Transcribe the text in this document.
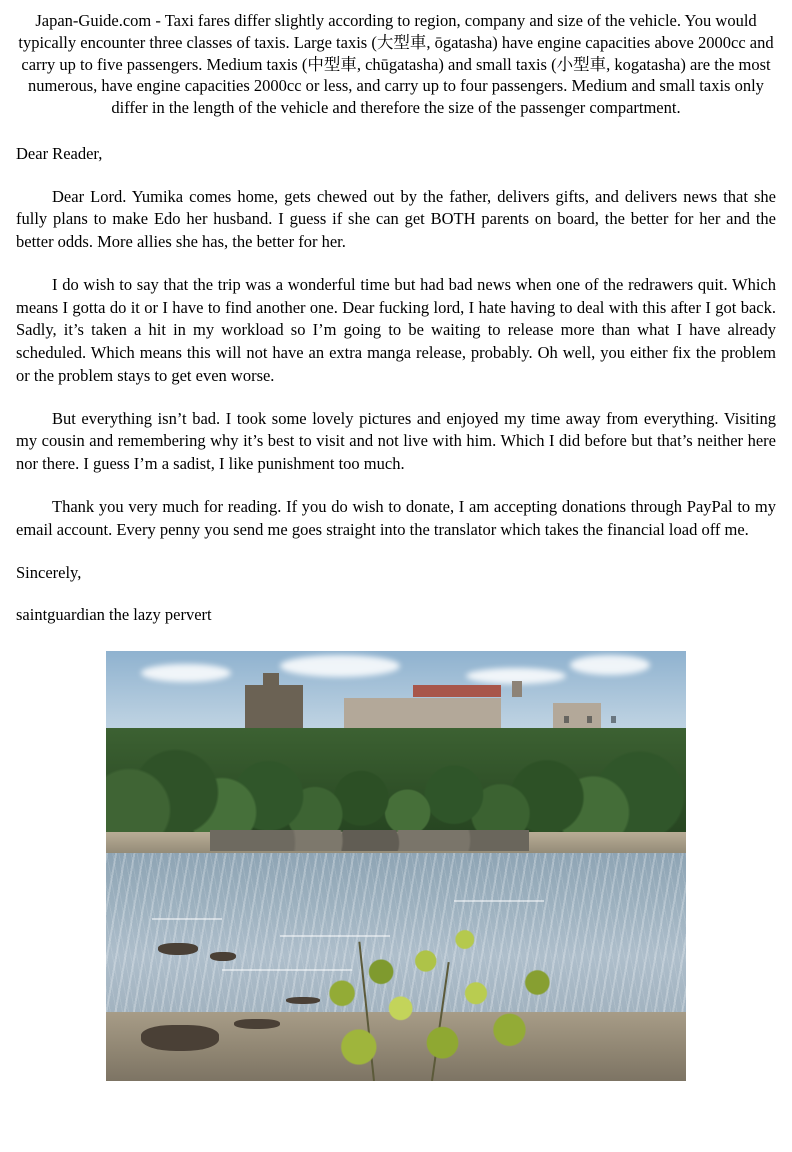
Japan-Guide.com - Taxi fares differ slightly according to region, company and size of the vehicle. You would typically encounter three classes of taxis. Large taxis (大型車, ōgatasha) have engine capacities above 2000cc and carry up to five passengers. Medium taxis (中型車, chūgatasha) and small taxis (小型車, kogatasha) are the most numerous, have engine capacities 2000cc or less, and carry up to four passengers. Medium and small taxis only differ in the length of the vehicle and therefore the size of the passenger compartment.

Dear Reader,

Dear Lord. Yumika comes home, gets chewed out by the father, delivers gifts, and delivers news that she fully plans to make Edo her husband. I guess if she can get BOTH parents on board, the better for her and the better odds. More allies she has, the better for her.

I do wish to say that the trip was a wonderful time but had bad news when one of the redrawers quit. Which means I gotta do it or I have to find another one. Dear fucking lord, I hate having to deal with this after I got back. Sadly, it’s taken a hit in my workload so I’m going to be waiting to release more than what I have already scheduled. Which means this will not have an extra manga release, probably. Oh well, you either fix the problem or the problem stays to get even worse.

But everything isn’t bad. I took some lovely pictures and enjoyed my time away from everything. Visiting my cousin and remembering why it’s best to visit and not live with him. Which I did before but that’s neither here nor there. I guess I’m a sadist, I like punishment too much.

Thank you very much for reading. If you do wish to donate, I am accepting donations through PayPal to my email account. Every penny you send me goes straight into the translator which takes the financial load off me.

Sincerely,

saintguardian the lazy pervert
